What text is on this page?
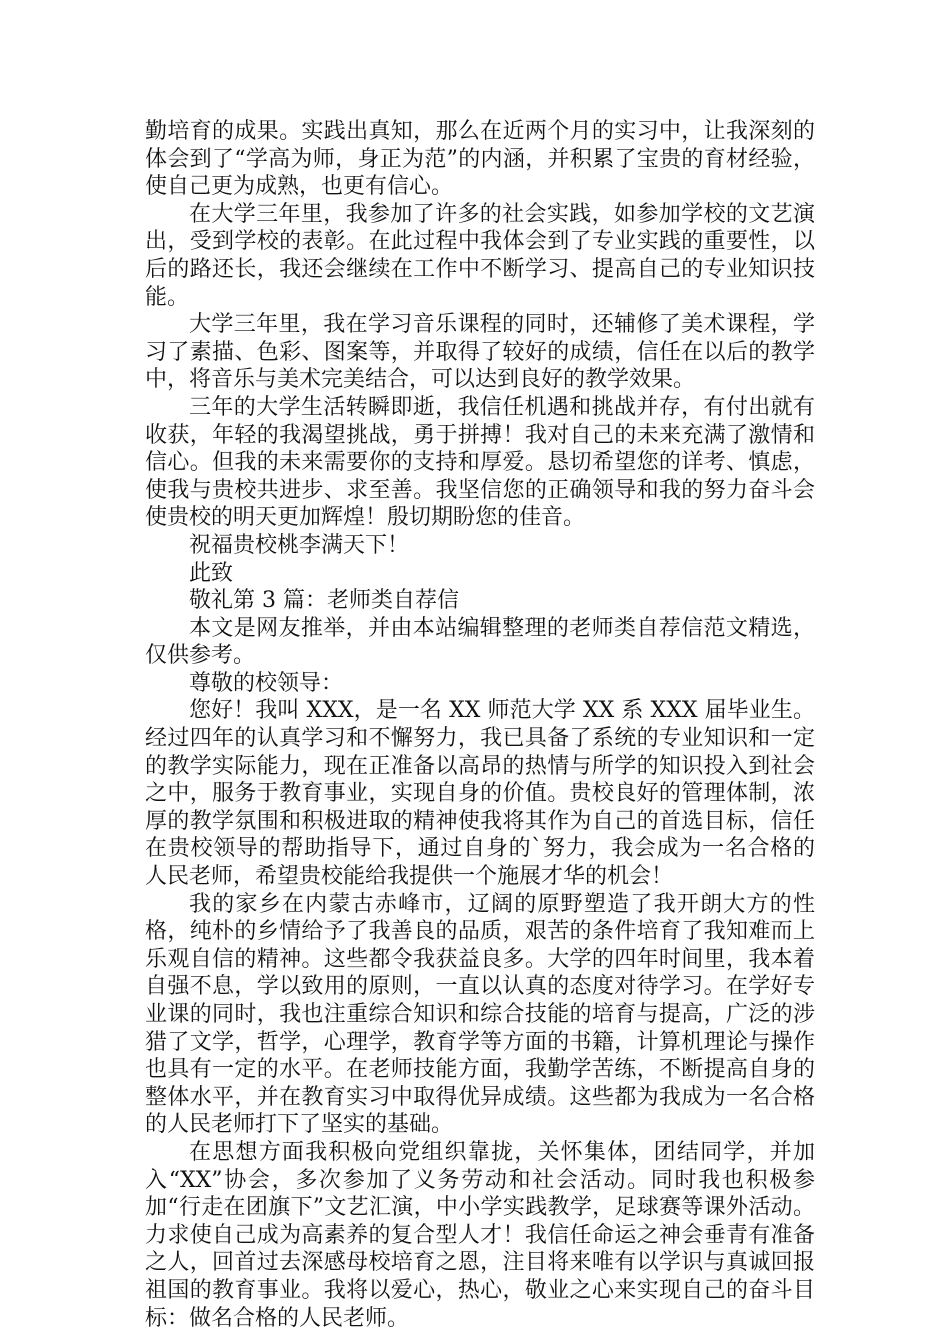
勤培育的成果。实践出真知，那么在近两个月的实习中，让我深刻的体会到了“学高为师，身正为范”的内涵，并积累了宝贵的育材经验，使自己更为成熟，也更有信心。

在大学三年里，我参加了许多的社会实践，如参加学校的文艺演出，受到学校的表彰。在此过程中我体会到了专业实践的重要性，以后的路还长，我还会继续在工作中不断学习、提高自己的专业知识技能。

大学三年里，我在学习音乐课程的同时，还辅修了美术课程，学习了素描、色彩、图案等，并取得了较好的成绩，信任在以后的教学中，将音乐与美术完美结合，可以达到良好的教学效果。

三年的大学生活转瞬即逝，我信任机遇和挑战并存，有付出就有收获，年轻的我渴望挑战，勇于拼搏！我对自己的未来充满了激情和信心。但我的未来需要你的支持和厚爱。恳切希望您的详考、慎虑，使我与贵校共进步、求至善。我坚信您的正确领导和我的努力奋斗会使贵校的明天更加辉煌！殷切期盼您的佳音。

祝福贵校桃李满天下！

此致

敬礼第 3 篇：老师类自荐信

本文是网友推举，并由本站编辑整理的老师类自荐信范文精选，仅供参考。

尊敬的校领导：

您好！我叫 XXX，是一名 XX 师范大学 XX 系 XXX 届毕业生。经过四年的认真学习和不懈努力，我已具备了系统的专业知识和一定的教学实际能力，现在正准备以高昂的热情与所学的知识投入到社会之中，服务于教育事业，实现自身的价值。贵校良好的管理体制，浓厚的教学氛围和积极进取的精神使我将其作为自己的首选目标，信任在贵校领导的帮助指导下，通过自身的`努力，我会成为一名合格的人民老师，希望贵校能给我提供一个施展才华的机会！

我的家乡在内蒙古赤峰市，辽阔的原野塑造了我开朗大方的性格，纯朴的乡情给予了我善良的品质，艰苦的条件培育了我知难而上乐观自信的精神。这些都令我获益良多。大学的四年时间里，我本着自强不息，学以致用的原则，一直以认真的态度对待学习。在学好专业课的同时，我也注重综合知识和综合技能的培育与提高，广泛的涉猎了文学，哲学，心理学，教育学等方面的书籍，计算机理论与操作也具有一定的水平。在老师技能方面，我勤学苦练，不断提高自身的整体水平，并在教育实习中取得优异成绩。这些都为我成为一名合格的人民老师打下了坚实的基础。

在思想方面我积极向党组织靠拢，关怀集体，团结同学，并加入“XX”协会，多次参加了义务劳动和社会活动。同时我也积极参加“行走在团旗下”文艺汇演，中小学实践教学，足球赛等课外活动。力求使自己成为高素养的复合型人才！我信任命运之神会垂青有准备之人，回首过去深感母校培育之恩，注目将来唯有以学识与真诚回报祖国的教育事业。我将以爱心，热心，敬业之心来实现自己的奋斗目标：做名合格的人民老师。
